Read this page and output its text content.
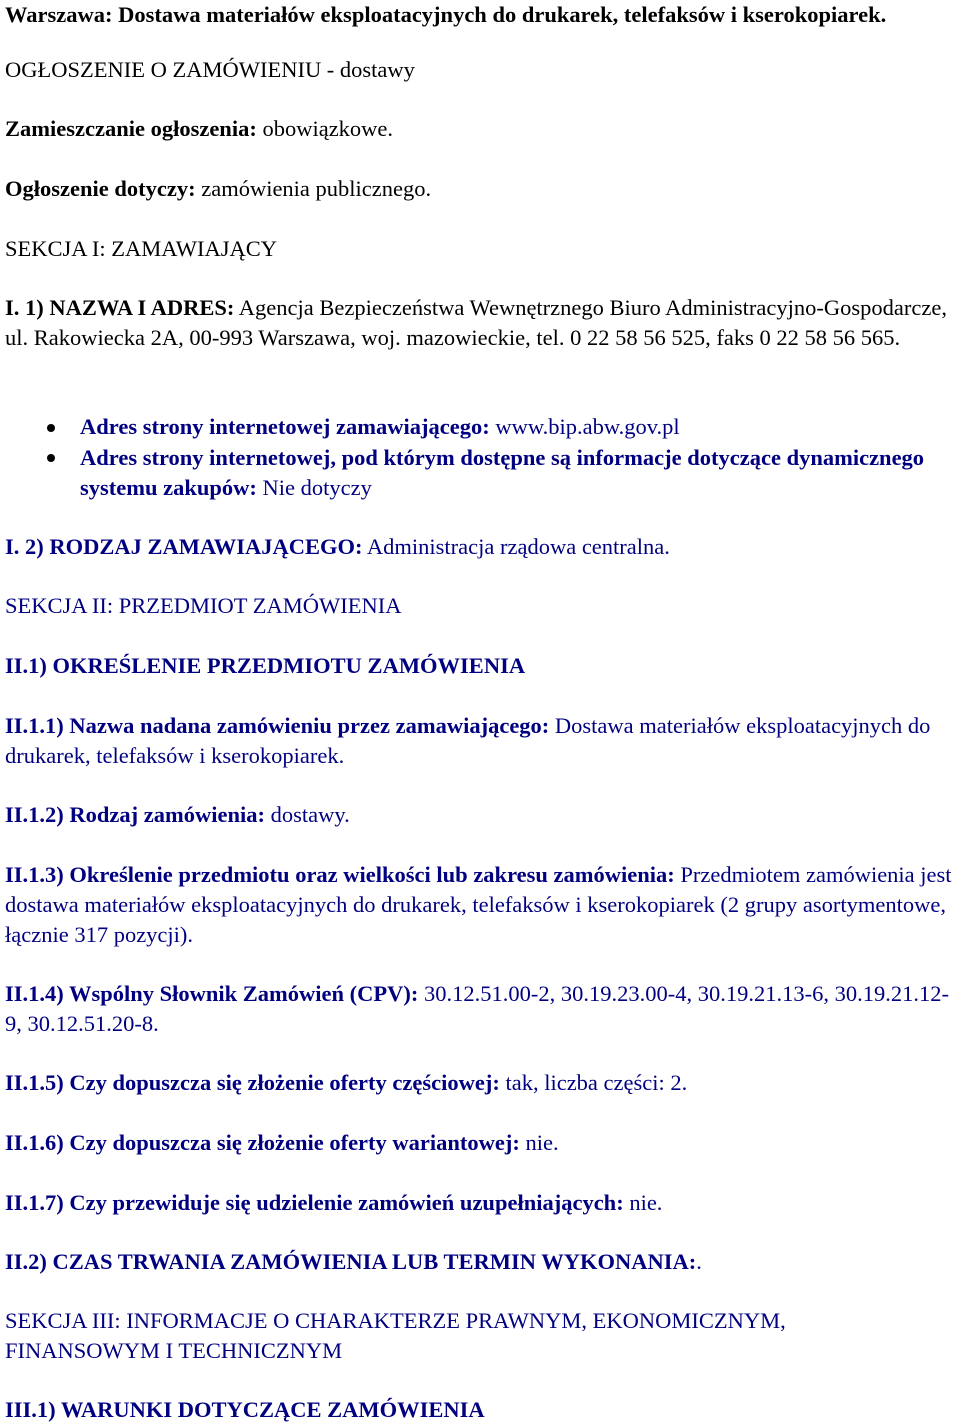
Warszawa: Dostawa materiałów eksploatacyjnych do drukarek, telefaksów i kserokopiarek.

OGŁOSZENIE O ZAMÓWIENIU - dostawy

Zamieszczanie ogłoszenia: obowiązkowe.

Ogłoszenie dotyczy: zamówienia publicznego.

SEKCJA I: ZAMAWIAJĄCY

I. 1) NAZWA I ADRES: Agencja Bezpieczeństwa Wewnętrznego Biuro Administracyjno-Gospodarcze, ul. Rakowiecka 2A, 00-993 Warszawa, woj. mazowieckie, tel. 0 22 58 56 525, faks 0 22 58 56 565.

Adres strony internetowej zamawiającego: www.bip.abw.gov.pl

Adres strony internetowej, pod którym dostępne są informacje dotyczące dynamicznego systemu zakupów: Nie dotyczy

I. 2) RODZAJ ZAMAWIAJĄCEGO: Administracja rządowa centralna.

SEKCJA II: PRZEDMIOT ZAMÓWIENIA

II.1) OKREŚLENIE PRZEDMIOTU ZAMÓWIENIA

II.1.1) Nazwa nadana zamówieniu przez zamawiającego: Dostawa materiałów eksploatacyjnych do drukarek, telefaksów i kserokopiarek.

II.1.2) Rodzaj zamówienia: dostawy.

II.1.3) Określenie przedmiotu oraz wielkości lub zakresu zamówienia: Przedmiotem zamówienia jest dostawa materiałów eksploatacyjnych do drukarek, telefaksów i kserokopiarek (2 grupy asortymentowe, łącznie 317 pozycji).

II.1.4) Wspólny Słownik Zamówień (CPV): 30.12.51.00-2, 30.19.23.00-4, 30.19.21.13-6, 30.19.21.12-9, 30.12.51.20-8.

II.1.5) Czy dopuszcza się złożenie oferty częściowej: tak, liczba części: 2.

II.1.6) Czy dopuszcza się złożenie oferty wariantowej: nie.

II.1.7) Czy przewiduje się udzielenie zamówień uzupełniających: nie.

II.2) CZAS TRWANIA ZAMÓWIENIA LUB TERMIN WYKONANIA:.

SEKCJA III: INFORMACJE O CHARAKTERZE PRAWNYM, EKONOMICZNYM, FINANSOWYM I TECHNICZNYM

III.1) WARUNKI DOTYCZĄCE ZAMÓWIENIA
